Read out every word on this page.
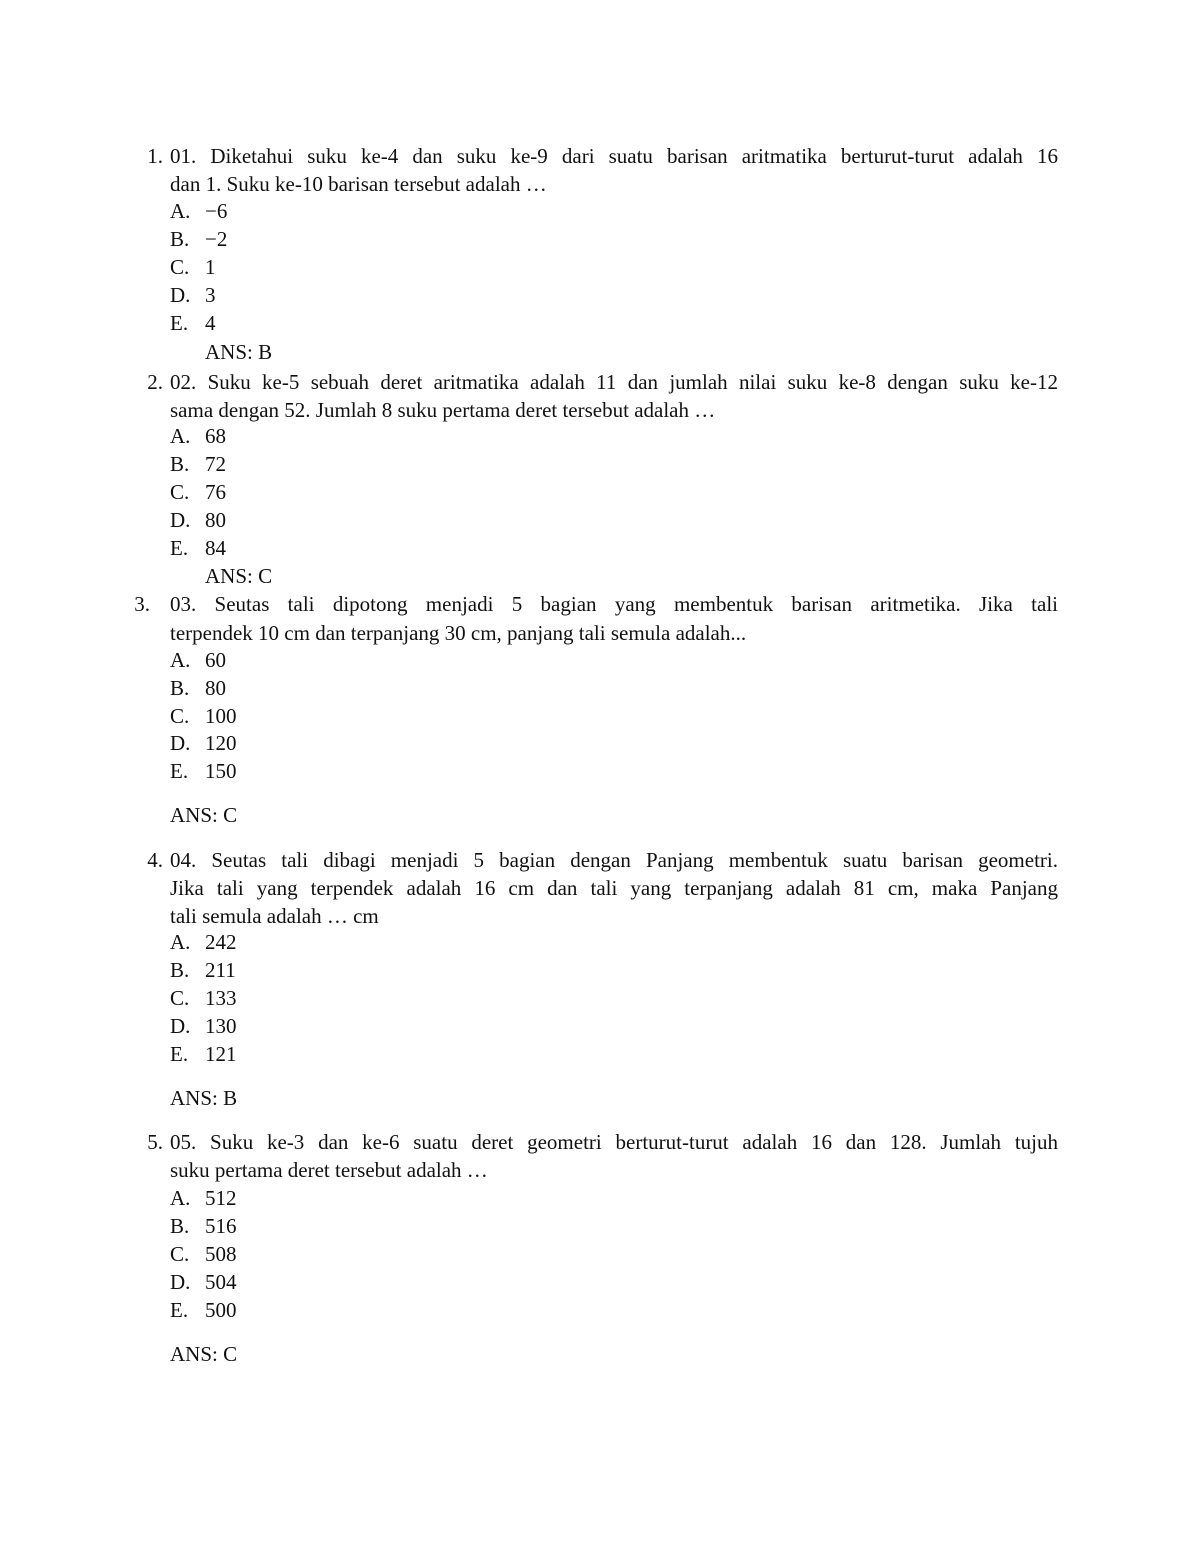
1. 01. Diketahui suku ke-4 dan suku ke-9 dari suatu barisan aritmatika berturut-turut adalah 16
dan 1. Suku ke-10 barisan tersebut adalah …
A. −6
B. −2
C. 1
D. 3
E. 4
ANS: B
2. 02. Suku ke-5 sebuah deret aritmatika adalah 11 dan jumlah nilai suku ke-8 dengan suku ke-12
sama dengan 52. Jumlah 8 suku pertama deret tersebut adalah …
A. 68
B. 72
C. 76
D. 80
E. 84
ANS: C
3. 03. Seutas tali dipotong menjadi 5 bagian yang membentuk barisan aritmetika. Jika tali
terpendek 10 cm dan terpanjang 30 cm, panjang tali semula adalah...
A. 60
B. 80
C. 100
D. 120
E. 150
ANS: C
4. 04. Seutas tali dibagi menjadi 5 bagian dengan Panjang membentuk suatu barisan geometri.
Jika tali yang terpendek adalah 16 cm dan tali yang terpanjang adalah 81 cm, maka Panjang
tali semula adalah … cm
A. 242
B. 211
C. 133
D. 130
E. 121
ANS: B
5. 05. Suku ke-3 dan ke-6 suatu deret geometri berturut-turut adalah 16 dan 128. Jumlah tujuh
suku pertama deret tersebut adalah …
A. 512
B. 516
C. 508
D. 504
E. 500
ANS: C
